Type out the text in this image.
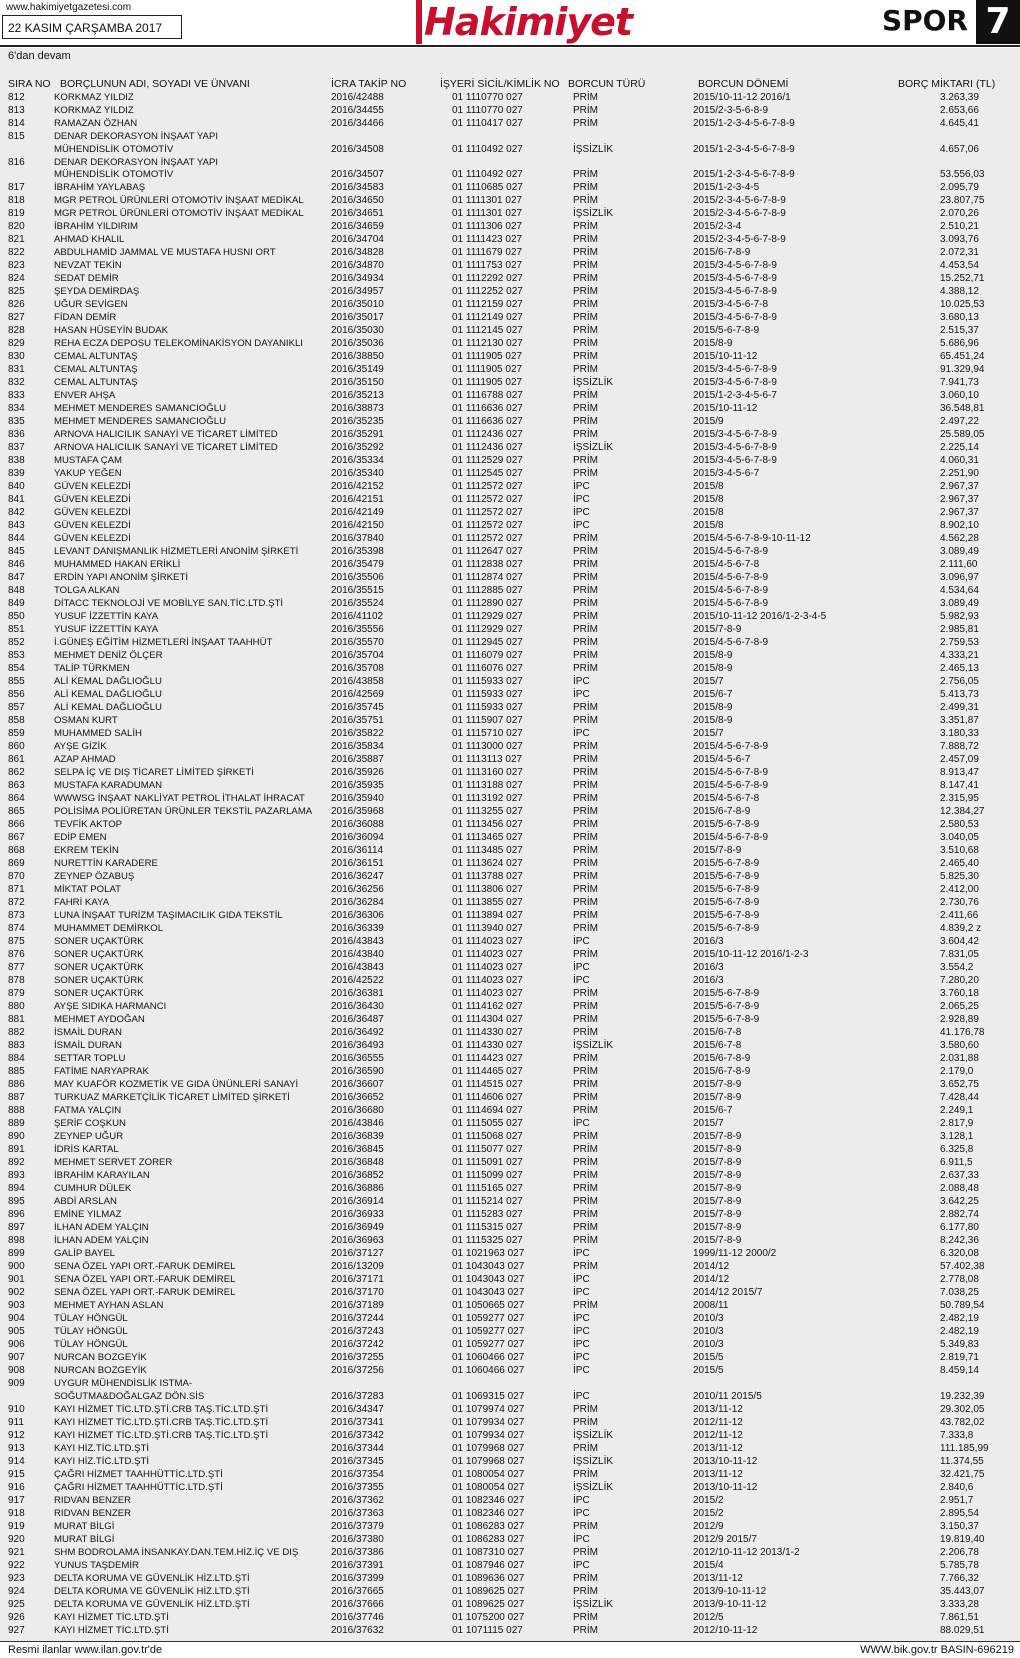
www.hakimiyetgazetesi.com
22 KASIM ÇARŞAMBA 2017	Hakimiyet	SPOR 7
6'dan devam
SIRA NO BORÇLUNUN ADI, SOYADI VE ÜNVANI	İCRA TAKİP NO	İŞYERİ SİCİL/KİMLİK NO BORCUN TÜRÜ	BORCUN DÖNEMİ	BORÇ MİKTARI (TL)
812	KORKMAZ YILDIZ	2016/42488	01 1110770 027	PRİM	2015/10-11-12 2016/1	3.263,39
813	KORKMAZ YILDIZ	2016/34455	01 1110770 027	PRİM	2015/2-3-5-6-8-9	2.653,66
814	RAMAZAN ÖZHAN	2016/34466	01 1110417 027	PRİM	2015/1-2-3-4-5-6-7-8-9	4.645,41
815	DENAR DEKORASYON İNŞAAT YAPI
MÜHENDİSLİK OTOMOTİV	2016/34508	01 1110492 027	İŞSİZLİK	2015/1-2-3-4-5-6-7-8-9	4.657,06
816	DENAR DEKORASYON İNŞAAT YAPI
MÜHENDİSLİK OTOMOTİV	2016/34507	01 1110492 027	PRİM	2015/1-2-3-4-5-6-7-8-9	53.556,03
817	İBRAHİM YAYLABAŞ	2016/34583	01 1110685 027	PRİM	2015/1-2-3-4-5	2.095,79
818	MGR PETROL ÜRÜNLERİ OTOMOTİV İNŞAAT MEDİKAL	2016/34650	01 1111301 027	PRİM	2015/2-3-4-5-6-7-8-9	23.807,75
819	MGR PETROL ÜRÜNLERİ OTOMOTİV İNŞAAT MEDİKAL	2016/34651	01 1111301 027	İŞSİZLİK	2015/2-3-4-5-6-7-8-9	2.070,26
820	İBRAHİM YILDIRIM	2016/34659	01 1111306 027	PRİM	2015/2-3-4	2.510,21
821	AHMAD KHALIL	2016/34704	01 1111423 027	PRİM	2015/2-3-4-5-6-7-8-9	3.093,76
822	ABDULHAMİD JAMMAL VE MUSTAFA HUSNI ORT	2016/34828	01 1111679 027	PRİM	2015/6-7-8-9	2.072,31
823	NEVZAT TEKİN	2016/34870	01 1111753 027	PRİM	2015/3-4-5-6-7-8-9	4.453,54
824	SEDAT DEMİR	2016/34934	01 1112292 027	PRİM	2015/3-4-5-6-7-8-9	15.252,71
825	ŞEYDA DEMİRDAŞ	2016/34957	01 1112252 027	PRİM	2015/3-4-5-6-7-8-9	4.388,12
826	UĞUR SEVİGEN	2016/35010	01 1112159 027	PRİM	2015/3-4-5-6-7-8	10.025,53
827	FİDAN DEMİR	2016/35017	01 1112149 027	PRİM	2015/3-4-5-6-7-8-9	3.680,13
828	HASAN HÜSEYİN BUDAK	2016/35030	01 1112145 027	PRİM	2015/5-6-7-8-9	2.515,37
829	REHA ECZA DEPOSU TELEKOMİNAKİSYON DAYANIKLI	2016/35036	01 1112130 027	PRİM	2015/8-9	5.686,96
830	CEMAL ALTUNTAŞ	2016/38850	01 1111905 027	PRİM	2015/10-11-12	65.451,24
831	CEMAL ALTUNTAŞ	2016/35149	01 1111905 027	PRİM	2015/3-4-5-6-7-8-9	91.329,94
832	CEMAL ALTUNTAŞ	2016/35150	01 1111905 027	İŞSİZLİK	2015/3-4-5-6-7-8-9	7.941,73
833	ENVER AHŞA	2016/35213	01 1116788 027	PRİM	2015/1-2-3-4-5-6-7	3.060,10
834	MEHMET MENDERES SAMANCIOĞLU	2016/38873	01 1116636 027	PRİM	2015/10-11-12	36.548,81
835	MEHMET MENDERES SAMANCIOĞLU	2016/35235	01 1116636 027	PRİM	2015/9	2.497,22
836	ARNOVA HALICILIK SANAYİ VE TİCARET LİMİTED	2016/35291	01 1112436 027	PRİM	2015/3-4-5-6-7-8-9	25.589,05
837	ARNOVA HALICILIK SANAYİ VE TİCARET LİMİTED	2016/35292	01 1112436 027	İŞSİZLİK	2015/3-4-5-6-7-8-9	2.225,14
838	MUSTAFA ÇAM	2016/35334	01 1112529 027	PRİM	2015/3-4-5-6-7-8-9	4.060,31
839	YAKUP YEĞEN	2016/35340	01 1112545 027	PRİM	2015/3-4-5-6-7	2.251,90
840	GÜVEN KELEZDİ	2016/42152	01 1112572 027	İPC	2015/8	2.967,37
841	GÜVEN KELEZDİ	2016/42151	01 1112572 027	İPC	2015/8	2.967,37
842	GÜVEN KELEZDİ	2016/42149	01 1112572 027	İPC	2015/8	2.967,37
843	GÜVEN KELEZDİ	2016/42150	01 1112572 027	İPC	2015/8	8.902,10
844	GÜVEN KELEZDİ	2016/37840	01 1112572 027	PRİM	2015/4-5-6-7-8-9-10-11-12	4.562,28
845	LEVANT DANIŞMANLIK HİZMETLERİ ANONİM ŞİRKETİ	2016/35398	01 1112647 027	PRİM	2015/4-5-6-7-8-9	3.089,49
846	MUHAMMED HAKAN ERİKLİ	2016/35479	01 1112838 027	PRİM	2015/4-5-6-7-8	2.111,60
847	ERDİN YAPI ANONİM ŞİRKETİ	2016/35506	01 1112874 027	PRİM	2015/4-5-6-7-8-9	3.096,97
848	TOLGA ALKAN	2016/35515	01 1112885 027	PRİM	2015/4-5-6-7-8-9	4.534,64
849	DİTACC TEKNOLOJİ VE MOBİLYE SAN.TİC.LTD.ŞTİ	2016/35524	01 1112890 027	PRİM	2015/4-5-6-7-8-9	3.089,49
850	YUSUF İZZETTİN KAYA	2016/41102	01 1112929 027	PRİM	2015/10-11-12 2016/1-2-3-4-5	5.982,93
851	YUSUF İZZETTİN KAYA	2016/35556	01 1112929 027	PRİM	2015/7-8-9	2.985,81
852	İ.GÜNEŞ EĞİTİM HİZMETLERİ İNŞAAT TAAHHÜT	2016/35570	01 1112945 027	PRİM	2015/4-5-6-7-8-9	2.759,53
853	MEHMET DENİZ ÖLÇER	2016/35704	01 1116079 027	PRİM	2015/8-9	4.333,21
854	TALİP TÜRKMEN	2016/35708	01 1116076 027	PRİM	2015/8-9	2.465,13
855	ALİ KEMAL DAĞLIOĞLU	2016/43858	01 1115933 027	İPC	2015/7	2.756,05
856	ALİ KEMAL DAĞLIOĞLU	2016/42569	01 1115933 027	İPC	2015/6-7	5.413,73
857	ALİ KEMAL DAĞLIOĞLU	2016/35745	01 1115933 027	PRİM	2015/8-9	2.499,31
858	OSMAN KURT	2016/35751	01 1115907 027	PRİM	2015/8-9	3.351,87
859	MUHAMMED SALİH	2016/35822	01 1115710 027	İPC	2015/7	3.180,33
860	AYŞE GİZİK	2016/35834	01 1113000 027	PRİM	2015/4-5-6-7-8-9	7.888,72
861	AZAP AHMAD	2016/35887	01 1113113 027	PRİM	2015/4-5-6-7	2.457,09
862	SELPA İÇ VE DIŞ TİCARET LİMİTED ŞİRKETİ	2016/35926	01 1113160 027	PRİM	2015/4-5-6-7-8-9	8.913,47
863	MUSTAFA KARADUMAN	2016/35935	01 1113188 027	PRİM	2015/4-5-6-7-8-9	8.147,41
864	WWWSG İNŞAAT NAKLİYAT PETROL İTHALAT İHRACAT	2016/35940	01 1113192 027	PRİM	2015/4-5-6-7-8	2.315,95
865	POLİSİMA POLİÜRETAN ÜRÜNLER TEKSTİL PAZARLAMA 2016/35968	01 1113255 027	PRİM	2015/6-7-8-9	12.384,27
866	TEVFİK AKTOP	2016/36088	01 1113456 027	PRİM	2015/5-6-7-8-9	2.580,53
867	EDİP EMEN	2016/36094	01 1113465 027	PRİM	2015/4-5-6-7-8-9	3.040,05
868	EKREM TEKİN	2016/36114	01 1113485 027	PRİM	2015/7-8-9	3.510,68
869	NURETTİN KARADERE	2016/36151	01 1113624 027	PRİM	2015/5-6-7-8-9	2.465,40
870	ZEYNEP ÖZABUŞ	2016/36247	01 1113788 027	PRİM	2015/5-6-7-8-9	5.825,30
871	MİKTAT POLAT	2016/36256	01 1113806 027	PRİM	2015/5-6-7-8-9	2.412,00
872	FAHRİ KAYA	2016/36284	01 1113855 027	PRİM	2015/5-6-7-8-9	2.730,76
873	LUNA İNŞAAT TURİZM TAŞIMACILIK GIDA TEKSTİL	2016/36306	01 1113894 027	PRİM	2015/5-6-7-8-9	2.411,66
874	MUHAMMET DEMİRKOL	2016/36339	01 1113940 027	PRİM	2015/5-6-7-8-9	4.839,2 z
875	SONER UÇAKTÜRK	2016/43843	01 1114023 027	İPC	2016/3	3.604,42
876	SONER UÇAKTÜRK	2016/43840	01 1114023 027	PRİM	2015/10-11-12 2016/1-2-3	7.831,05
877	SONER UÇAKTÜRK	2016/43843	01 1114023 027	İPC	2016/3	3.554,2
878	SONER UÇAKTÜRK	2016/42522	01 1114023 027	İPC	2016/3	7.280,20
879	SONER UÇAKTÜRK	2016/36381	01 1114023 027	PRİM	2015/5-6-7-8-9	3.760,18
880	AYŞE SIDIKA HARMANCI	2016/36430	01 1114162 027	PRİM	2015/5-6-7-8-9	2.065,25
881	MEHMET AYDOĞAN	2016/36487	01 1114304 027	PRİM	2015/5-6-7-8-9	2.928,89
882	İSMAİL DURAN	2016/36492	01 1114330 027	PRİM	2015/6-7-8	41.176,78
883	İSMAİL DURAN	2016/36493	01 1114330 027	İŞSİZLİK	2015/6-7-8	3.580,60
884	SETTAR TOPLU	2016/36555	01 1114423 027	PRİM	2015/6-7-8-9	2.031,88
885	FATİME NARYAPRAK	2016/36590	01 1114465 027	PRİM	2015/6-7-8-9	2.179,0
886	MAY KUAFÖR KOZMETİK VE GIDA ÜNÜNLERİ SANAYİ	2016/36607	01 1114515 027	PRİM	2015/7-8-9	3.652,75
887	TURKUAZ MARKETÇİLİK TİCARET LİMİTED ŞİRKETİ	2016/36652	01 1114606 027	PRİM	2015/7-8-9	7.428,44
888	FATMA YALÇIN	2016/36680	01 1114694 027	PRİM	2015/6-7	2.249,1
889	ŞERİF COŞKUN	2016/43846	01 1115055 027	İPC	2015/7	2.817,9
890	ZEYNEP UĞUR	2016/36839	01 1115068 027	PRİM	2015/7-8-9	3.128,1
891	İDRİS KARTAL	2016/36845	01 1115077 027	PRİM	2015/7-8-9	6.325,8
892	MEHMET SERVET ZORER	2016/36848	01 1115091 027	PRİM	2015/7-8-9	6.911,5
893	İBRAHİM KARAYILAN	2016/36852	01 1115099 027	PRİM	2015/7-8-9	2.637,33
894	CUMHUR DÜLEK	2016/36886	01 1115165 027	PRİM	2015/7-8-9	2.088,48
895	ABDİ ARSLAN	2016/36914	01 1115214 027	PRİM	2015/7-8-9	3.642,25
896	EMİNE YILMAZ	2016/36933	01 1115283 027	PRİM	2015/7-8-9	2.882,74
897	İLHAN ADEM YALÇIN	2016/36949	01 1115315 027	PRİM	2015/7-8-9	6.177,80
898	İLHAN ADEM YALÇIN	2016/36963	01 1115325 027	PRİM	2015/7-8-9	8.242,36
899	GALİP BAYEL	2016/37127	01 1021963 027	İPC	1999/11-12 2000/2	6.320,08
900	SENA ÖZEL YAPI ORT.-FARUK DEMİREL	2016/13209	01 1043043 027	PRİM	2014/12	57.402,38
901	SENA ÖZEL YAPI ORT.-FARUK DEMİREL	2016/37171	01 1043043 027	İPC	2014/12	2.778,08
902	SENA ÖZEL YAPI ORT.-FARUK DEMİREL	2016/37170	01 1043043 027	İPC	2014/12 2015/7	7.038,25
903	MEHMET AYHAN ASLAN	2016/37189	01 1050665 027	PRİM	2008/11	50.789,54
904	TÜLAY HÖNGÜL	2016/37244	01 1059277 027	İPC	2010/3	2.482,19
905	TÜLAY HÖNGÜL	2016/37243	01 1059277 027	İPC	2010/3	2.482,19
906	TÜLAY HÖNGÜL	2016/37242	01 1059277 027	İPC	2010/3	5.349,83
907	NURCAN BOZGEYİK	2016/37255	01 1060466 027	İPC	2015/5	2.819,71
908	NURCAN BOZGEYİK	2016/37256	01 1060466 027	İPC	2015/5	8.459,14
909	UYGUR MÜHENDİSLİK ISTMA-
SOĞUTMA&DOĞALGAZ DÖN.SİS	2016/37283	01 1069315 027	İPC	2010/11 2015/5	19.232,39
910	KAYI HİZMET TİC.LTD.ŞTİ.CRB TAŞ.TİC.LTD.ŞTİ	2016/34347	01 1079974 027	PRİM	2013/11-12	29.302,05
911	KAYI HİZMET TİC.LTD.ŞTİ.CRB TAŞ.TİC.LTD.ŞTİ	2016/37341	01 1079934 027	PRİM	2012/11-12	43.782,02
912	KAYI HİZMET TİC.LTD.ŞTİ.CRB TAŞ.TİC.LTD.ŞTİ	2016/37342	01 1079934 027	İŞSİZLİK	2012/11-12	7.333,8
913	KAYI HİZ.TİC.LTD.ŞTİ	2016/37344	01 1079968 027	PRİM	2013/11-12	111.185,99
914	KAYI HİZ.TİC.LTD.ŞTİ	2016/37345	01 1079968 027	İŞSİZLİK	2013/10-11-12	11.374,55
915	ÇAĞRI HİZMET TAAHHÜTTİC.LTD.ŞTİ	2016/37354	01 1080054 027	PRİM	2013/11-12	32.421,75
916	ÇAĞRI HİZMET TAAHHÜTTİC.LTD.ŞTİ	2016/37355	01 1080054 027	İŞSİZLİK	2013/10-11-12	2.840,6
917	RIDVAN BENZER	2016/37362	01 1082346 027	İPC	2015/2	2.951,7
918	RIDVAN BENZER	2016/37363	01 1082346 027	İPC	2015/2	2.895,54
919	MURAT BİLGİ	2016/37379	01 1086283 027	PRİM	2012/9	3.150,37
920	MURAT BİLGİ	2016/37380	01 1086283 027	İPC	2012/9 2015/7	19.819,40
921	SHM BODROLAMA İNSANKAY.DAN.TEM.HİZ.İÇ VE DIŞ	2016/37386	01 1087310 027	PRİM	2012/10-11-12 2013/1-2	2.206,78
922	YUNUS TAŞDEMİR	2016/37391	01 1087946 027	İPC	2015/4	5.785,78
923	DELTA KORUMA VE GÜVENLİK HİZ.LTD.ŞTİ	2016/37399	01 1089636 027	PRİM	2013/11-12	7.766,32
924	DELTA KORUMA VE GÜVENLİK HİZ.LTD.ŞTİ	2016/37665	01 1089625 027	PRİM	2013/9-10-11-12	35.443,07
925	DELTA KORUMA VE GÜVENLİK HİZ.LTD.ŞTİ	2016/37666	01 1089625 027	İŞSİZLİK	2013/9-10-11-12	3.333,28
926	KAYI HİZMET TİC.LTD.ŞTİ	2016/37746	01 1075200 027	PRİM	2012/5	7.861,51
927	KAYI HİZMET TİC.LTD.ŞTİ	2016/37632	01 1071115 027	PRİM	2012/10-11-12	88.029,51
Resmi ilanlar www.ilan.gov.tr'de	WWW.bik.gov.tr BASIN-696219
